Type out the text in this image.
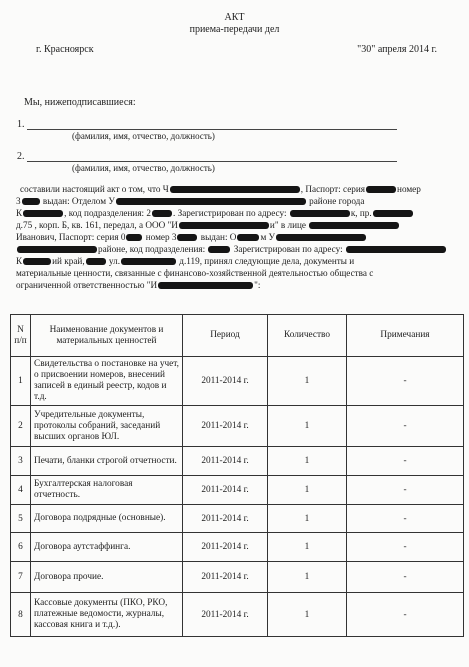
АКТ
приема-передачи дел
г. Красноярск	"30" апреля 2014 г.
Мы, нижеподписавшиеся:
1.
(фамилия, имя, отчество, должность)
2.
(фамилия, имя, отчество, должность)
составили настоящий акт о том, что Ч	, Паспорт: серия	номер
3 выдан: Отделом У	районе города
К	, код подразделения: 2 . Зарегистрирован по адресу:	к, пр.
д.75 , корп. Б, кв. 161, передал, а ООО "И	и" в лице
Иванович, Паспорт: серия 0 номер 3	выдан: О	м У
районе, код подразделения:	Зарегистрирован по адресу:
К	ий край,	ул.	д.119, принял следующие дела, документы и
материальные ценности, связанные с финансово-хозяйственной деятельностью общества с
ограниченной ответственностью "И	":
N п/п	Наименование документов и материальных ценностей	Период	Количество	Примечания
1	Свидетельства о постановке на учет, о присвоении номеров, внесений записей в единый реестр, кодов и т.д.	2011-2014 г.	1	-
2	Учредительные документы, протоколы собраний, заседаний высших органов ЮЛ.	2011-2014 г.	1	-
3	Печати, бланки строгой отчетности.	2011-2014 г.	1	-
4	Бухгалтерская налоговая отчетность.	2011-2014 г.	1	-
5	Договора подрядные (основные).	2011-2014 г.	1	-
6	Договора аутстаффинга.	2011-2014 г.	1	-
7	Договора прочие.	2011-2014 г.	1	-
8	Кассовые документы (ПКО, РКО, платежные ведомости, журналы, кассовая книга и т.д.).	2011-2014 г.	1	-
